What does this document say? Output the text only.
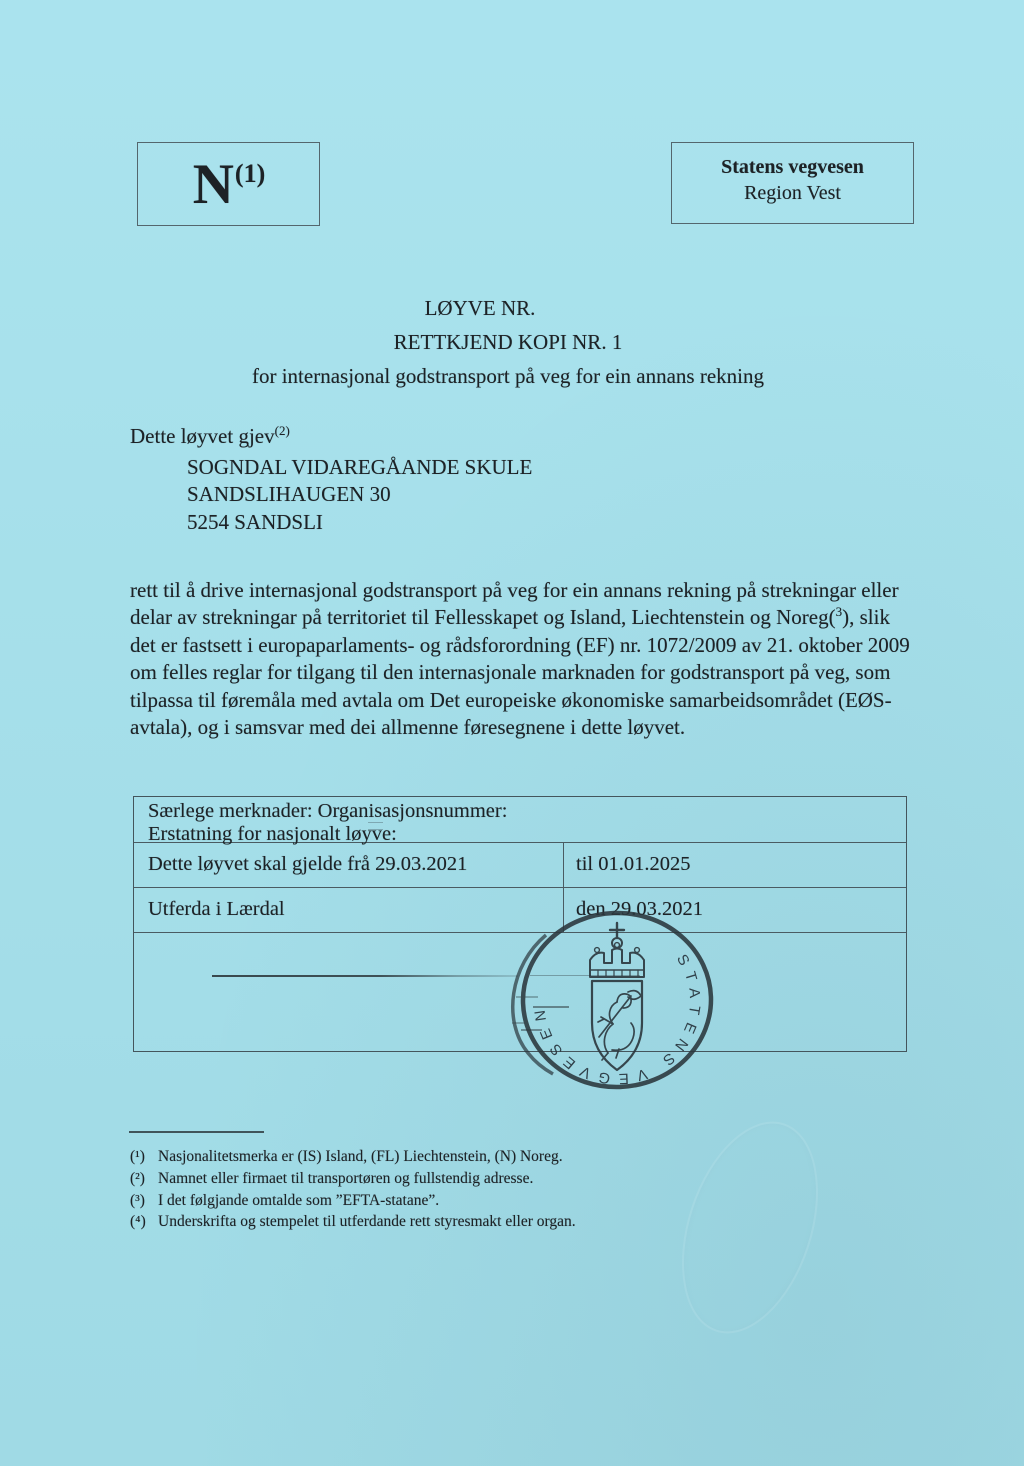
$N^{(1)}$	Statens vegvesen
Region Vest
LØYVE NR.
RETTKJEND KOPI NR. 1
for internasjonal godstransport på veg for ein annans rekning
Dette løyvet gjev$^{(2)}$
SOGNDAL VIDAREGÅANDE SKULE
SANDSLIHAUGEN 30
5254 SANDSLI
rett til å drive internasjonal godstransport på veg for ein annans rekning på strekningar eller
delar av strekningar på territoriet til Fellesskapet og Island, Liechtenstein og Noreg($^3$), slik
det er fastsett i europaparlaments- og rådsforordning (EF) nr. 1072/2009 av 21. oktober 2009
om felles reglar for tilgang til den internasjonale marknaden for godstransport på veg, som
tilpassa til føremåla med avtala om Det europeiske økonomiske samarbeidsområdet (EØS-
avtala), og i samsvar med dei allmenne føresegnene i dette løyvet.
Særlege merknader: Organisasjonsnummer:
Erstatning for nasjonalt løyve:
Dette løyvet skal gjelde frå 29.03.2021	til 01.01.2025
Utferda i Lærdal	den 29.03.2021
STATENS VEGVESEN
(¹) Nasjonalitetsmerka er (IS) Island, (FL) Liechtenstein, (N) Noreg.
(²) Namnet eller firmaet til transportøren og fullstendig adresse.
(³) I det følgjande omtalde som ”EFTA-statane”.
(⁴) Underskrifta og stempelet til utferdande rett styresmakt eller organ.
